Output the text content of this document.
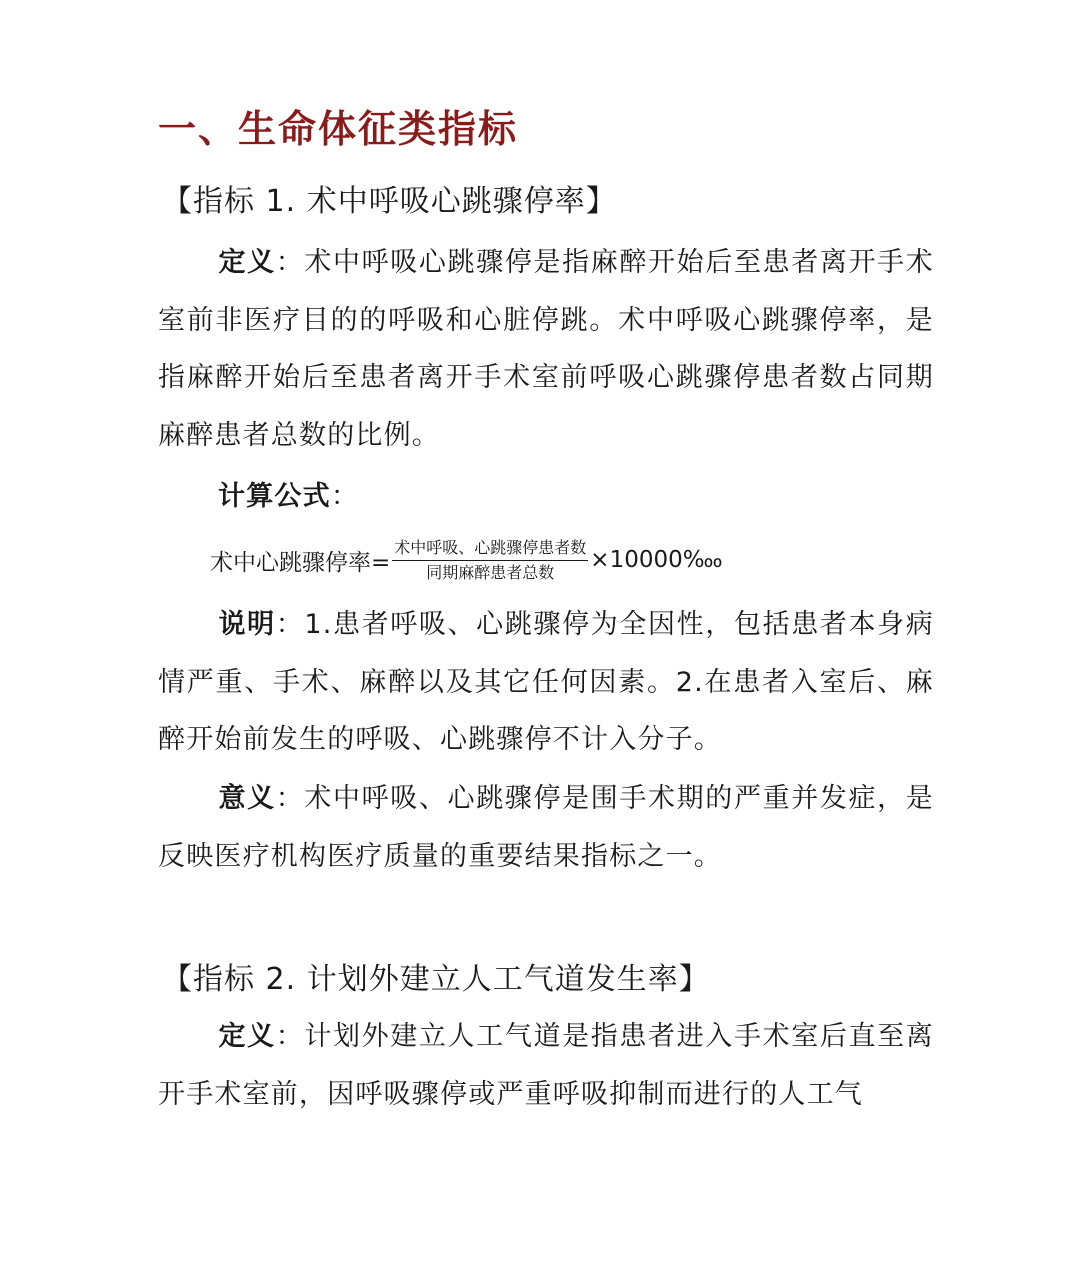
一、生命体征类指标
【指标 1. 术中呼吸心跳骤停率】
定义：术中呼吸心跳骤停是指麻醉开始后至患者离开手术室前非医疗目的的呼吸和心脏停跳。术中呼吸心跳骤停率，是指麻醉开始后至患者离开手术室前呼吸心跳骤停患者数占同期麻醉患者总数的比例。
计算公式：
术中心跳骤停率= $\frac{\text{术中呼吸、心跳骤停患者数}}{\text{同期麻醉患者总数}}$ ×10000‱
说明：1.患者呼吸、心跳骤停为全因性，包括患者本身病情严重、手术、麻醉以及其它任何因素。2.在患者入室后、麻醉开始前发生的呼吸、心跳骤停不计入分子。
意义：术中呼吸、心跳骤停是围手术期的严重并发症，是反映医疗机构医疗质量的重要结果指标之一。
【指标 2. 计划外建立人工气道发生率】
定义：计划外建立人工气道是指患者进入手术室后直至离开手术室前，因呼吸骤停或严重呼吸抑制而进行的人工气
